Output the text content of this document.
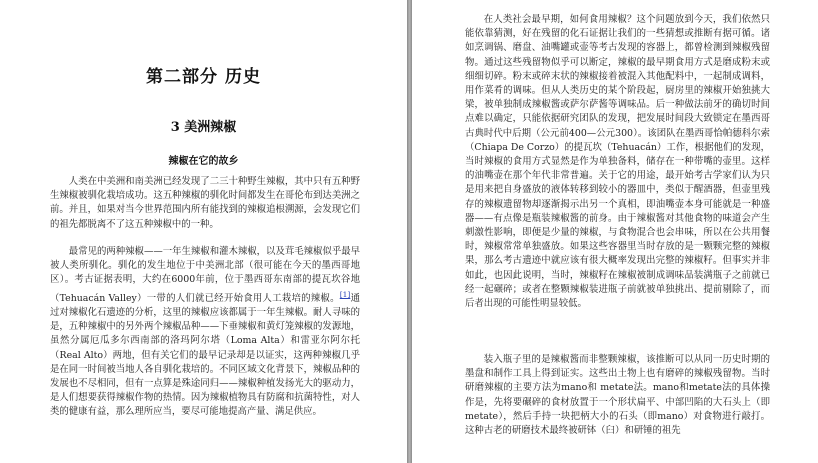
第二部分 历史
3 美洲辣椒
辣椒在它的故乡

人类在中美洲和南美洲已经发现了二三十种野生辣椒，其中只有五种野生辣椒被驯化栽培成功。这五种辣椒的驯化时间都发生在哥伦布到达美洲之前。并且，如果对当今世界范围内所有能找到的辣椒追根溯源，会发现它们的祖先都脱离不了这五种辣椒中的一种。

最常见的两种辣椒——一年生辣椒和灌木辣椒，以及茸毛辣椒似乎最早被人类所驯化。驯化的发生地位于中美洲北部（很可能在今天的墨西哥地区）。考古证据表明，大约在6000年前，位于墨西哥东南部的提瓦坎谷地（Tehuacán Valley）一带的人们就已经开始食用人工栽培的辣椒。[1]通过对辣椒化石遗迹的分析，这里的辣椒应该都属于一年生辣椒。耐人寻味的是，五种辣椒中的另外两个辣椒品种——下垂辣椒和黄灯笼辣椒的发源地，虽然分属厄瓜多尔西南部的洛玛阿尔塔（Loma Alta）和雷亚尔阿尔托（Real Alto）两地，但有关它们的最早记录却是以证实，这两种辣椒几乎是在同一时间被当地人各自驯化栽培的。不同区域文化背景下，辣椒品种的发展也不尽相同，但有一点算是殊途同归——辣椒种植发扬光大的驱动力，是人们想要获得辣椒作物的热情。因为辣椒植物具有防腐和抗菌特性，对人类的健康有益，那么理所应当，要尽可能地提高产量、满足供应。

在人类社会最早期，如何食用辣椒？这个问题放到今天，我们依然只能依靠猜测，好在残留的化石证据让我们的一些猜想或推断有据可循。诸如烹调锅、磨盘、油嘴罐或壶等考古发现的容器上，都曾检测到辣椒残留物。通过这些残留物似乎可以断定，辣椒的最早期食用方式是磨成粉末或细细切碎。粉末或碎末状的辣椒接着被混入其他配料中，一起制成调料，用作菜肴的调味。但从人类历史的某个阶段起，厨房里的辣椒开始独挑大梁，被单独制成辣椒酱或萨尔萨酱等调味品。后一种做法前牙的确切时间点难以确定，只能依据研究团队的发现，把发展时间段大致锁定在墨西哥古典时代中后期（公元前400—公元300）。该团队在墨西哥恰帕德科尔索（Chiapa De Corzo）的提瓦坎（Tehuacán）工作，根据他们的发现，当时辣椒的食用方式显然是作为单独备料，储存在一种带嘴的壶里。这样的油嘴壶在那个年代非常普遍。关于它的用途，最开始考古学家们认为只是用来把自身盛放的液体转移到较小的器皿中，类似于醒酒器，但壶里残存的辣椒遗留物却逐渐揭示出另一个真相，即油嘴壶本身可能就是一种盛器——有点像是瓶装辣椒酱的前身。由于辣椒酱对其他食物的味道会产生刺激性影响，即便是少量的辣椒，与食物混合也会串味，所以在公共用餐时，辣椒常常单独盛放。如果这些容器里当时存放的是一颗颗完整的辣椒果，那么考古遗迹中就应该有很大概率发现出完整的辣椒籽。但事实并非如此，也因此说明，当时，辣椒籽在辣椒被制成调味品装满瓶子之前就已经一起碾碎；或者在整颗辣椒装进瓶子前就被单独挑出、提前剔除了，而后者出现的可能性明显较低。

装入瓶子里的是辣椒酱而非整颗辣椒，该推断可以从同一历史时期的墨盘和制作工具上得到证实。这些出土物上也有磨碎的辣椒残留物。当时研磨辣椒的主要方法为mano和 metate法。mano和metate法的具体操作是，先将要碾碎的食材放置于一个形状扁平、中部凹陷的大石头上（即metate），然后手持一块把柄大小的石头（即mano）对食物进行敲打。这种古老的研磨技术最终被研钵（臼）和研锤的祖先
